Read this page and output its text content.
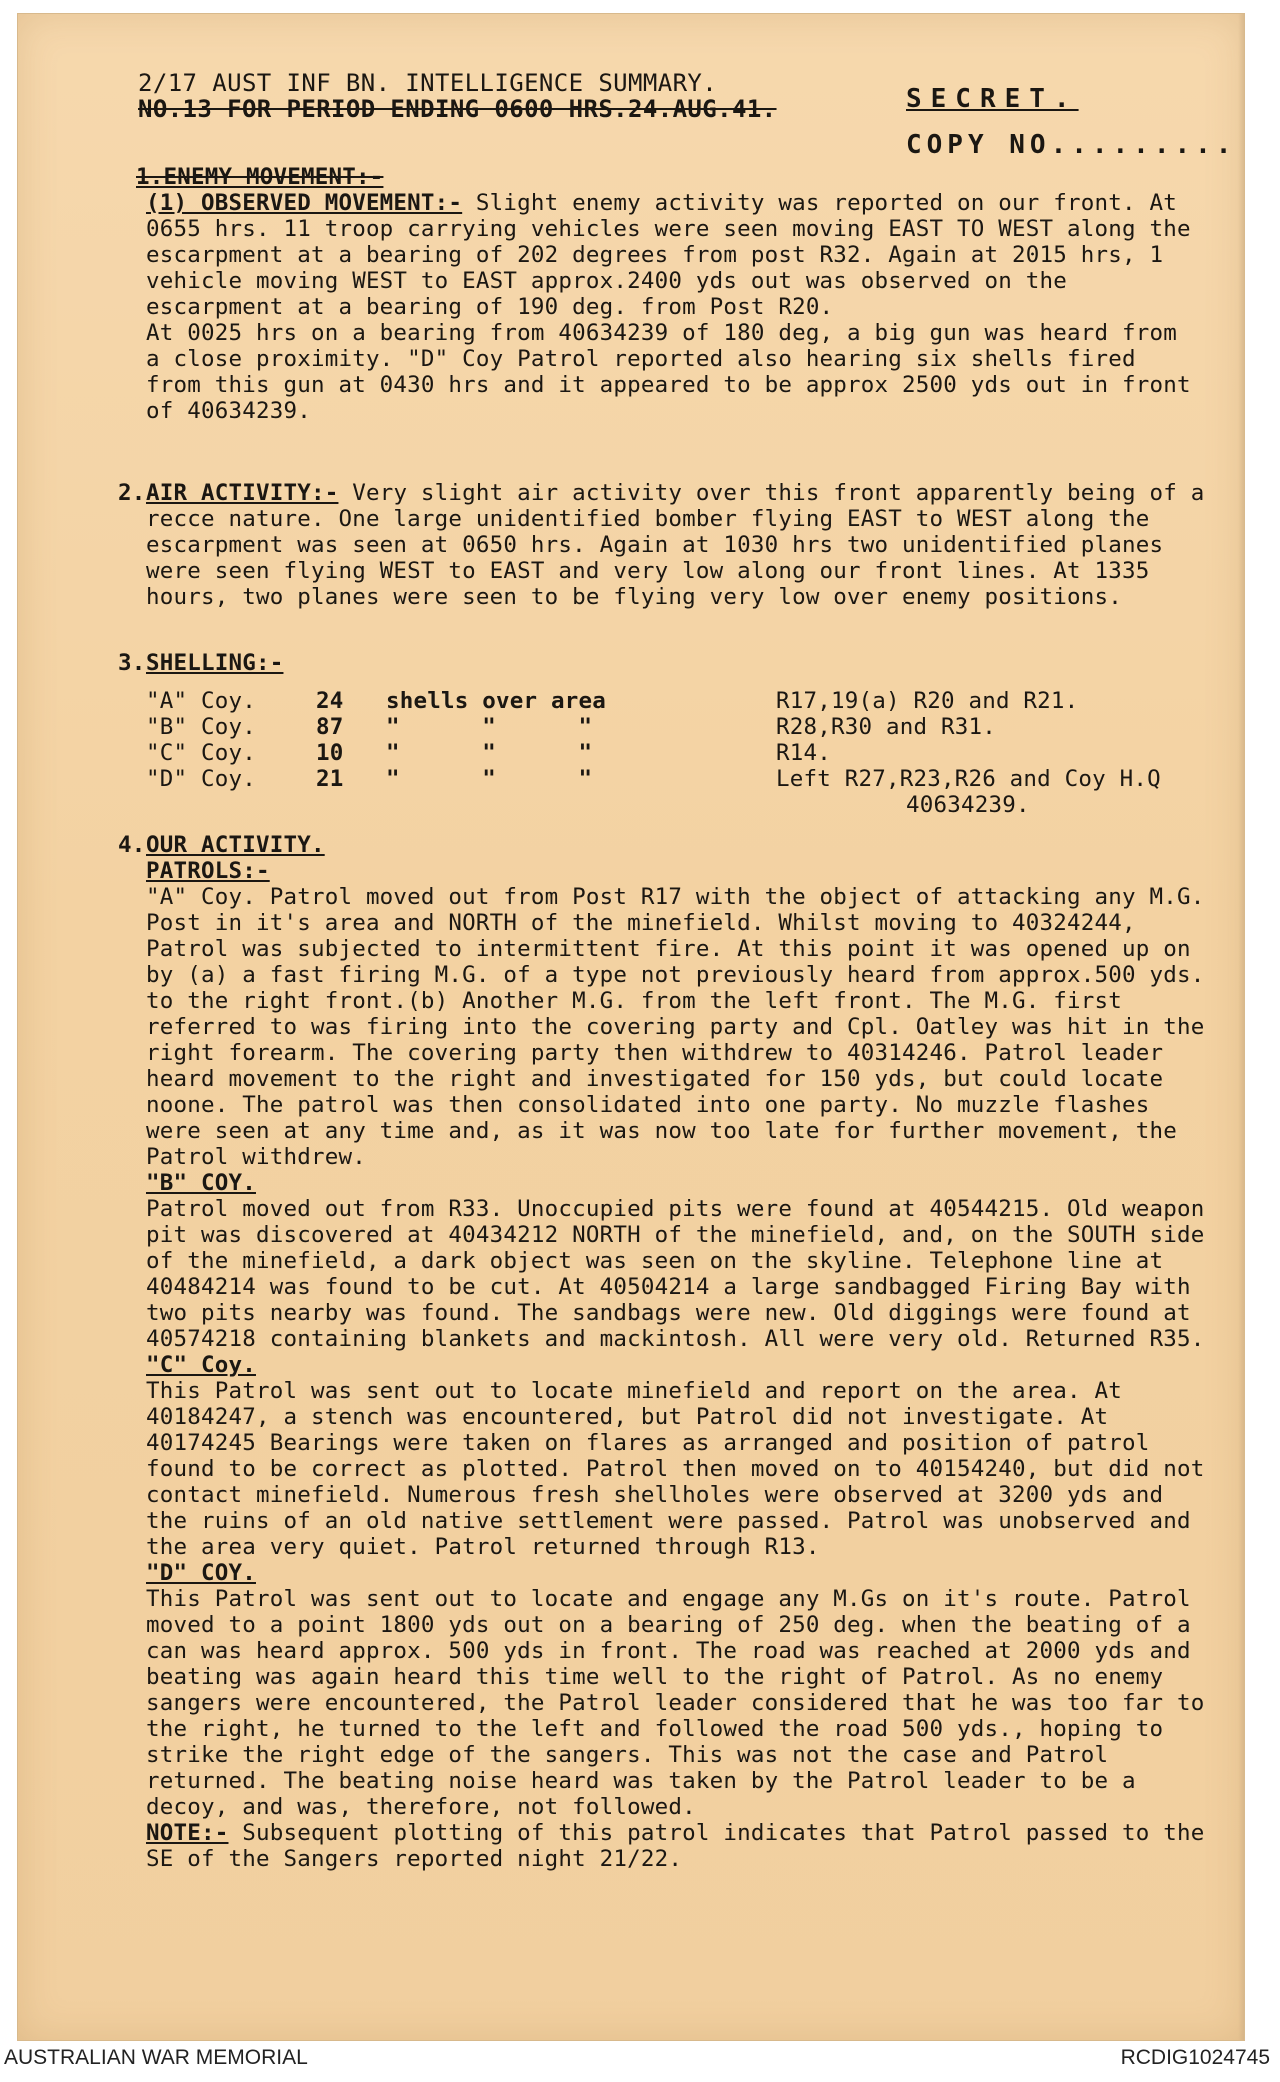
2/17 AUST INF BN. INTELLIGENCE SUMMARY.
NO.13 FOR PERIOD ENDING 0600 HRS.24.AUG.41.	SECRET.
COPY NO.........
1.ENEMY MOVEMENT:-

(1) OBSERVED MOVEMENT:- Slight enemy activity was reported on our front. At 0655 hrs. 11 troop carrying vehicles were seen moving EAST TO WEST along the escarpment at a bearing of 202 degrees from post R32. Again at 2015 hrs, 1 vehicle moving WEST to EAST approx.2400 yds out was observed on the escarpment at a bearing of 190 deg. from Post R20.

At 0025 hrs on a bearing from 40634239 of 180 deg, a big gun was heard from a close proximity. "D" Coy Patrol reported also hearing six shells fired from this gun at 0430 hrs and it appeared to be approx 2500 yds out in front of 40634239.

2. AIR ACTIVITY:- Very slight air activity over this front apparently being of a recce nature. One large unidentified bomber flying EAST to WEST along the escarpment was seen at 0650 hrs. Again at 1030 hrs two unidentified planes were seen flying WEST to EAST and very low along our front lines. At 1335 hours, two planes were seen to be flying very low over enemy positions.

3. SHELLING:-
"A" Coy.	24	shells over area	R17,19(a) R20 and R21.
"B" Coy.	87	"      "      "	R28,R30 and R31.
"C" Coy.	10	"      "      "	R14.
"D" Coy.	21	"      "      "	Left R27,R23,R26 and Coy H.Q
40634239.
4. OUR ACTIVITY.
PATROLS:-

"A" Coy. Patrol moved out from Post R17 with the object of attacking any M.G. Post in it's area and NORTH of the minefield. Whilst moving to 40324244, Patrol was subjected to intermittent fire. At this point it was opened up on by (a) a fast firing M.G. of a type not previously heard from approx.500 yds. to the right front.(b) Another M.G. from the left front. The M.G. first referred to was firing into the covering party and Cpl. Oatley was hit in the right forearm. The covering party then withdrew to 40314246. Patrol leader heard movement to the right and investigated for 150 yds, but could locate noone. The patrol was then consolidated into one party. No muzzle flashes were seen at any time and, as it was now too late for further movement, the Patrol withdrew.

"B" COY.

Patrol moved out from R33. Unoccupied pits were found at 40544215. Old weapon pit was discovered at 40434212 NORTH of the minefield, and, on the SOUTH side of the minefield, a dark object was seen on the skyline. Telephone line at 40484214 was found to be cut. At 40504214 a large sandbagged Firing Bay with two pits nearby was found. The sandbags were new. Old diggings were found at 40574218 containing blankets and mackintosh. All were very old. Returned R35.

"C" Coy.

This Patrol was sent out to locate minefield and report on the area. At 40184247, a stench was encountered, but Patrol did not investigate. At 40174245 Bearings were taken on flares as arranged and position of patrol found to be correct as plotted. Patrol then moved on to 40154240, but did not contact minefield. Numerous fresh shellholes were observed at 3200 yds and the ruins of an old native settlement were passed. Patrol was unobserved and the area very quiet. Patrol returned through R13.

"D" COY.

This Patrol was sent out to locate and engage any M.Gs on it's route. Patrol moved to a point 1800 yds out on a bearing of 250 deg. when the beating of a can was heard approx. 500 yds in front. The road was reached at 2000 yds and beating was again heard this time well to the right of Patrol. As no enemy sangers were encountered, the Patrol leader considered that he was too far to the right, he turned to the left and followed the road 500 yds., hoping to strike the right edge of the sangers. This was not the case and Patrol returned. The beating noise heard was taken by the Patrol leader to be a decoy, and was, therefore, not followed.

NOTE:- Subsequent plotting of this patrol indicates that Patrol passed to the SE of the Sangers reported night 21/22.

AUSTRALIAN WAR MEMORIAL	RCDIG1024745
